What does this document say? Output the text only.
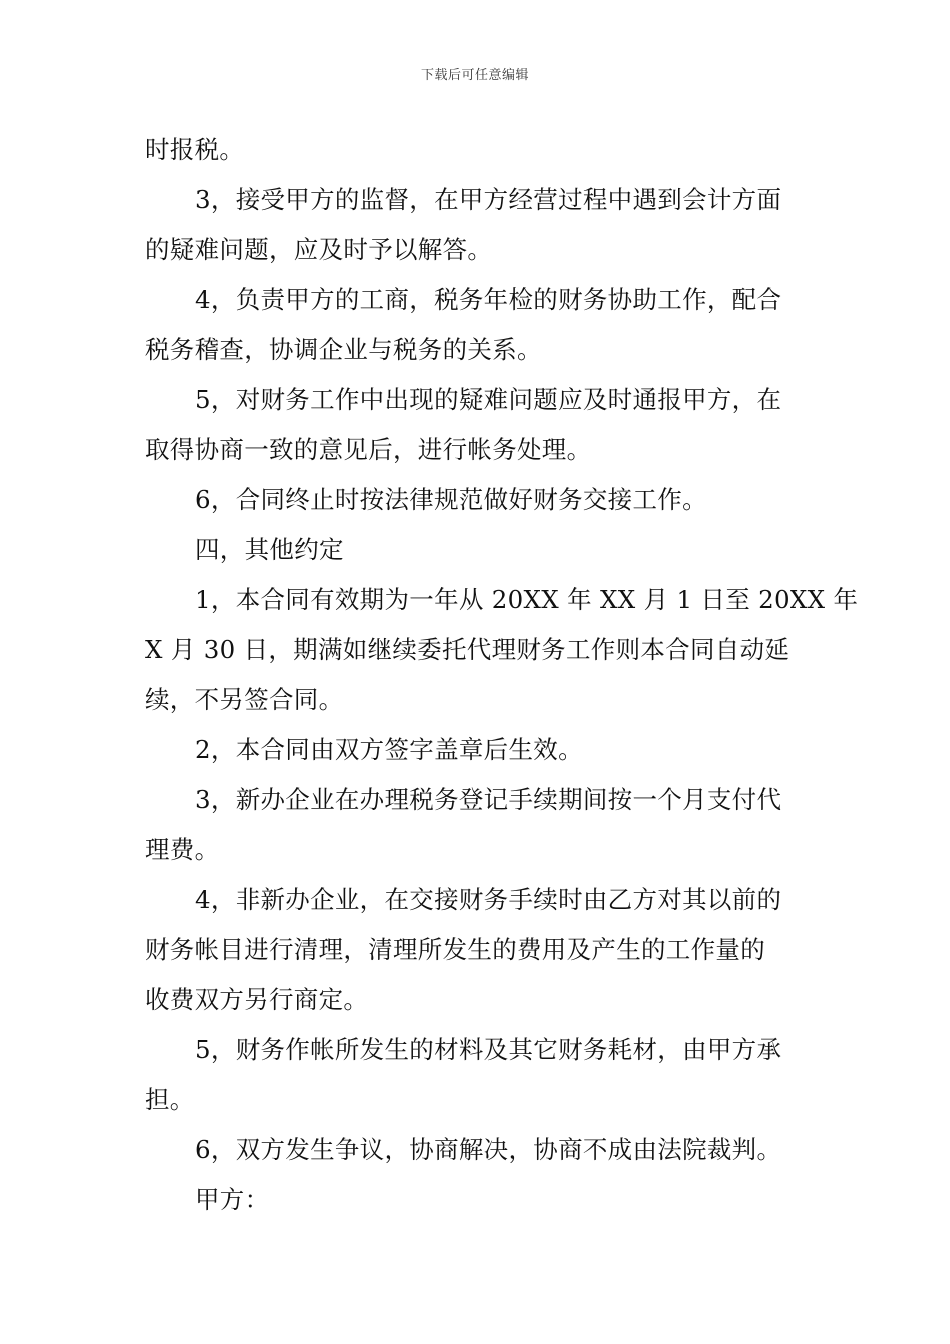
下载后可任意编辑
时报税。
3，接受甲方的监督，在甲方经营过程中遇到会计方面
的疑难问题，应及时予以解答。
4，负责甲方的工商，税务年检的财务协助工作，配合
税务稽查，协调企业与税务的关系。
5，对财务工作中出现的疑难问题应及时通报甲方，在
取得协商一致的意见后，进行帐务处理。
6，合同终止时按法律规范做好财务交接工作。
四，其他约定
1，本合同有效期为一年从 20XX 年 XX 月 1 日至 20XX 年
X 月 30 日，期满如继续委托代理财务工作则本合同自动延
续，不另签合同。
2，本合同由双方签字盖章后生效。
3，新办企业在办理税务登记手续期间按一个月支付代
理费。
4，非新办企业，在交接财务手续时由乙方对其以前的
财务帐目进行清理，清理所发生的费用及产生的工作量的
收费双方另行商定。
5，财务作帐所发生的材料及其它财务耗材，由甲方承
担。
6，双方发生争议，协商解决，协商不成由法院裁判。
甲方：
